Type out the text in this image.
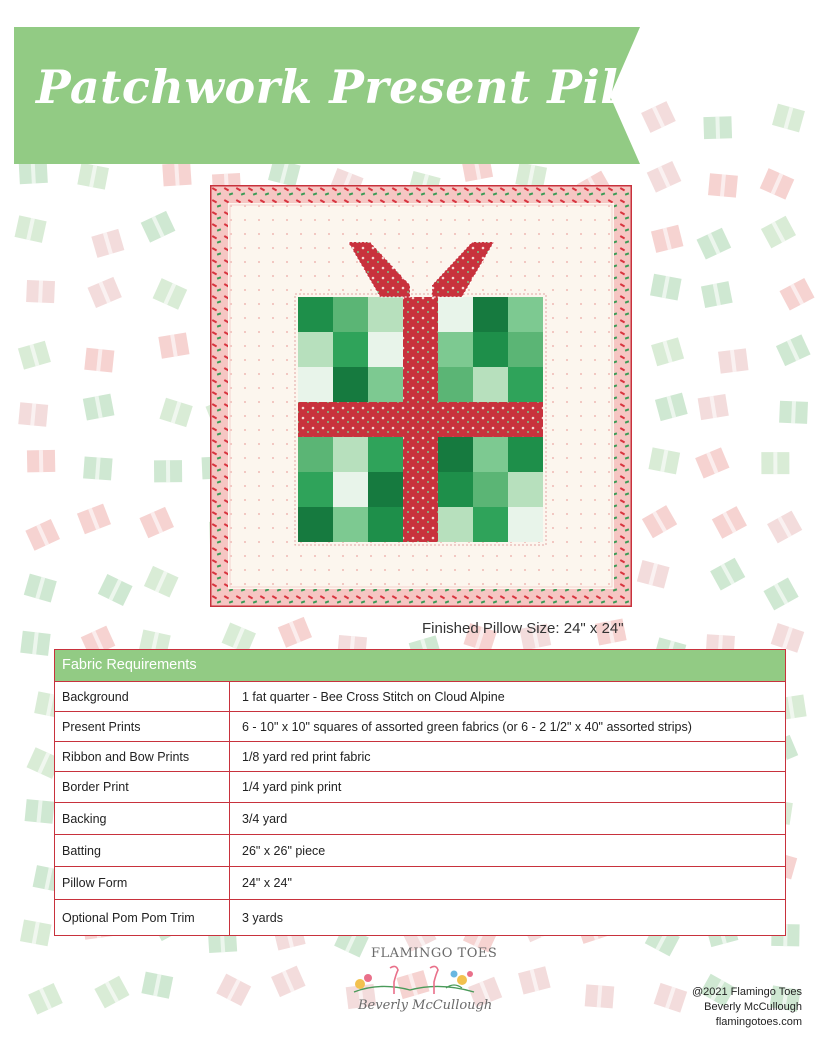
Patchwork Present Pillow
Finished Pillow Size: 24" x 24"
Fabric Requirements
Background	1 fat quarter - Bee Cross Stitch on Cloud Alpine
Present Prints	6 - 10" x 10" squares of assorted green fabrics (or 6 - 2 1/2" x 40" assorted strips)
Ribbon and Bow Prints	1/8 yard red print fabric
Border Print	1/4 yard pink print
Backing	3/4 yard
Batting	26" x 26" piece
Pillow Form	24" x 24"
Optional Pom Pom Trim	3 yards
FLAMINGO TOES
Beverly McCullough
@2021 Flamingo Toes
Beverly McCullough
flamingotoes.com
